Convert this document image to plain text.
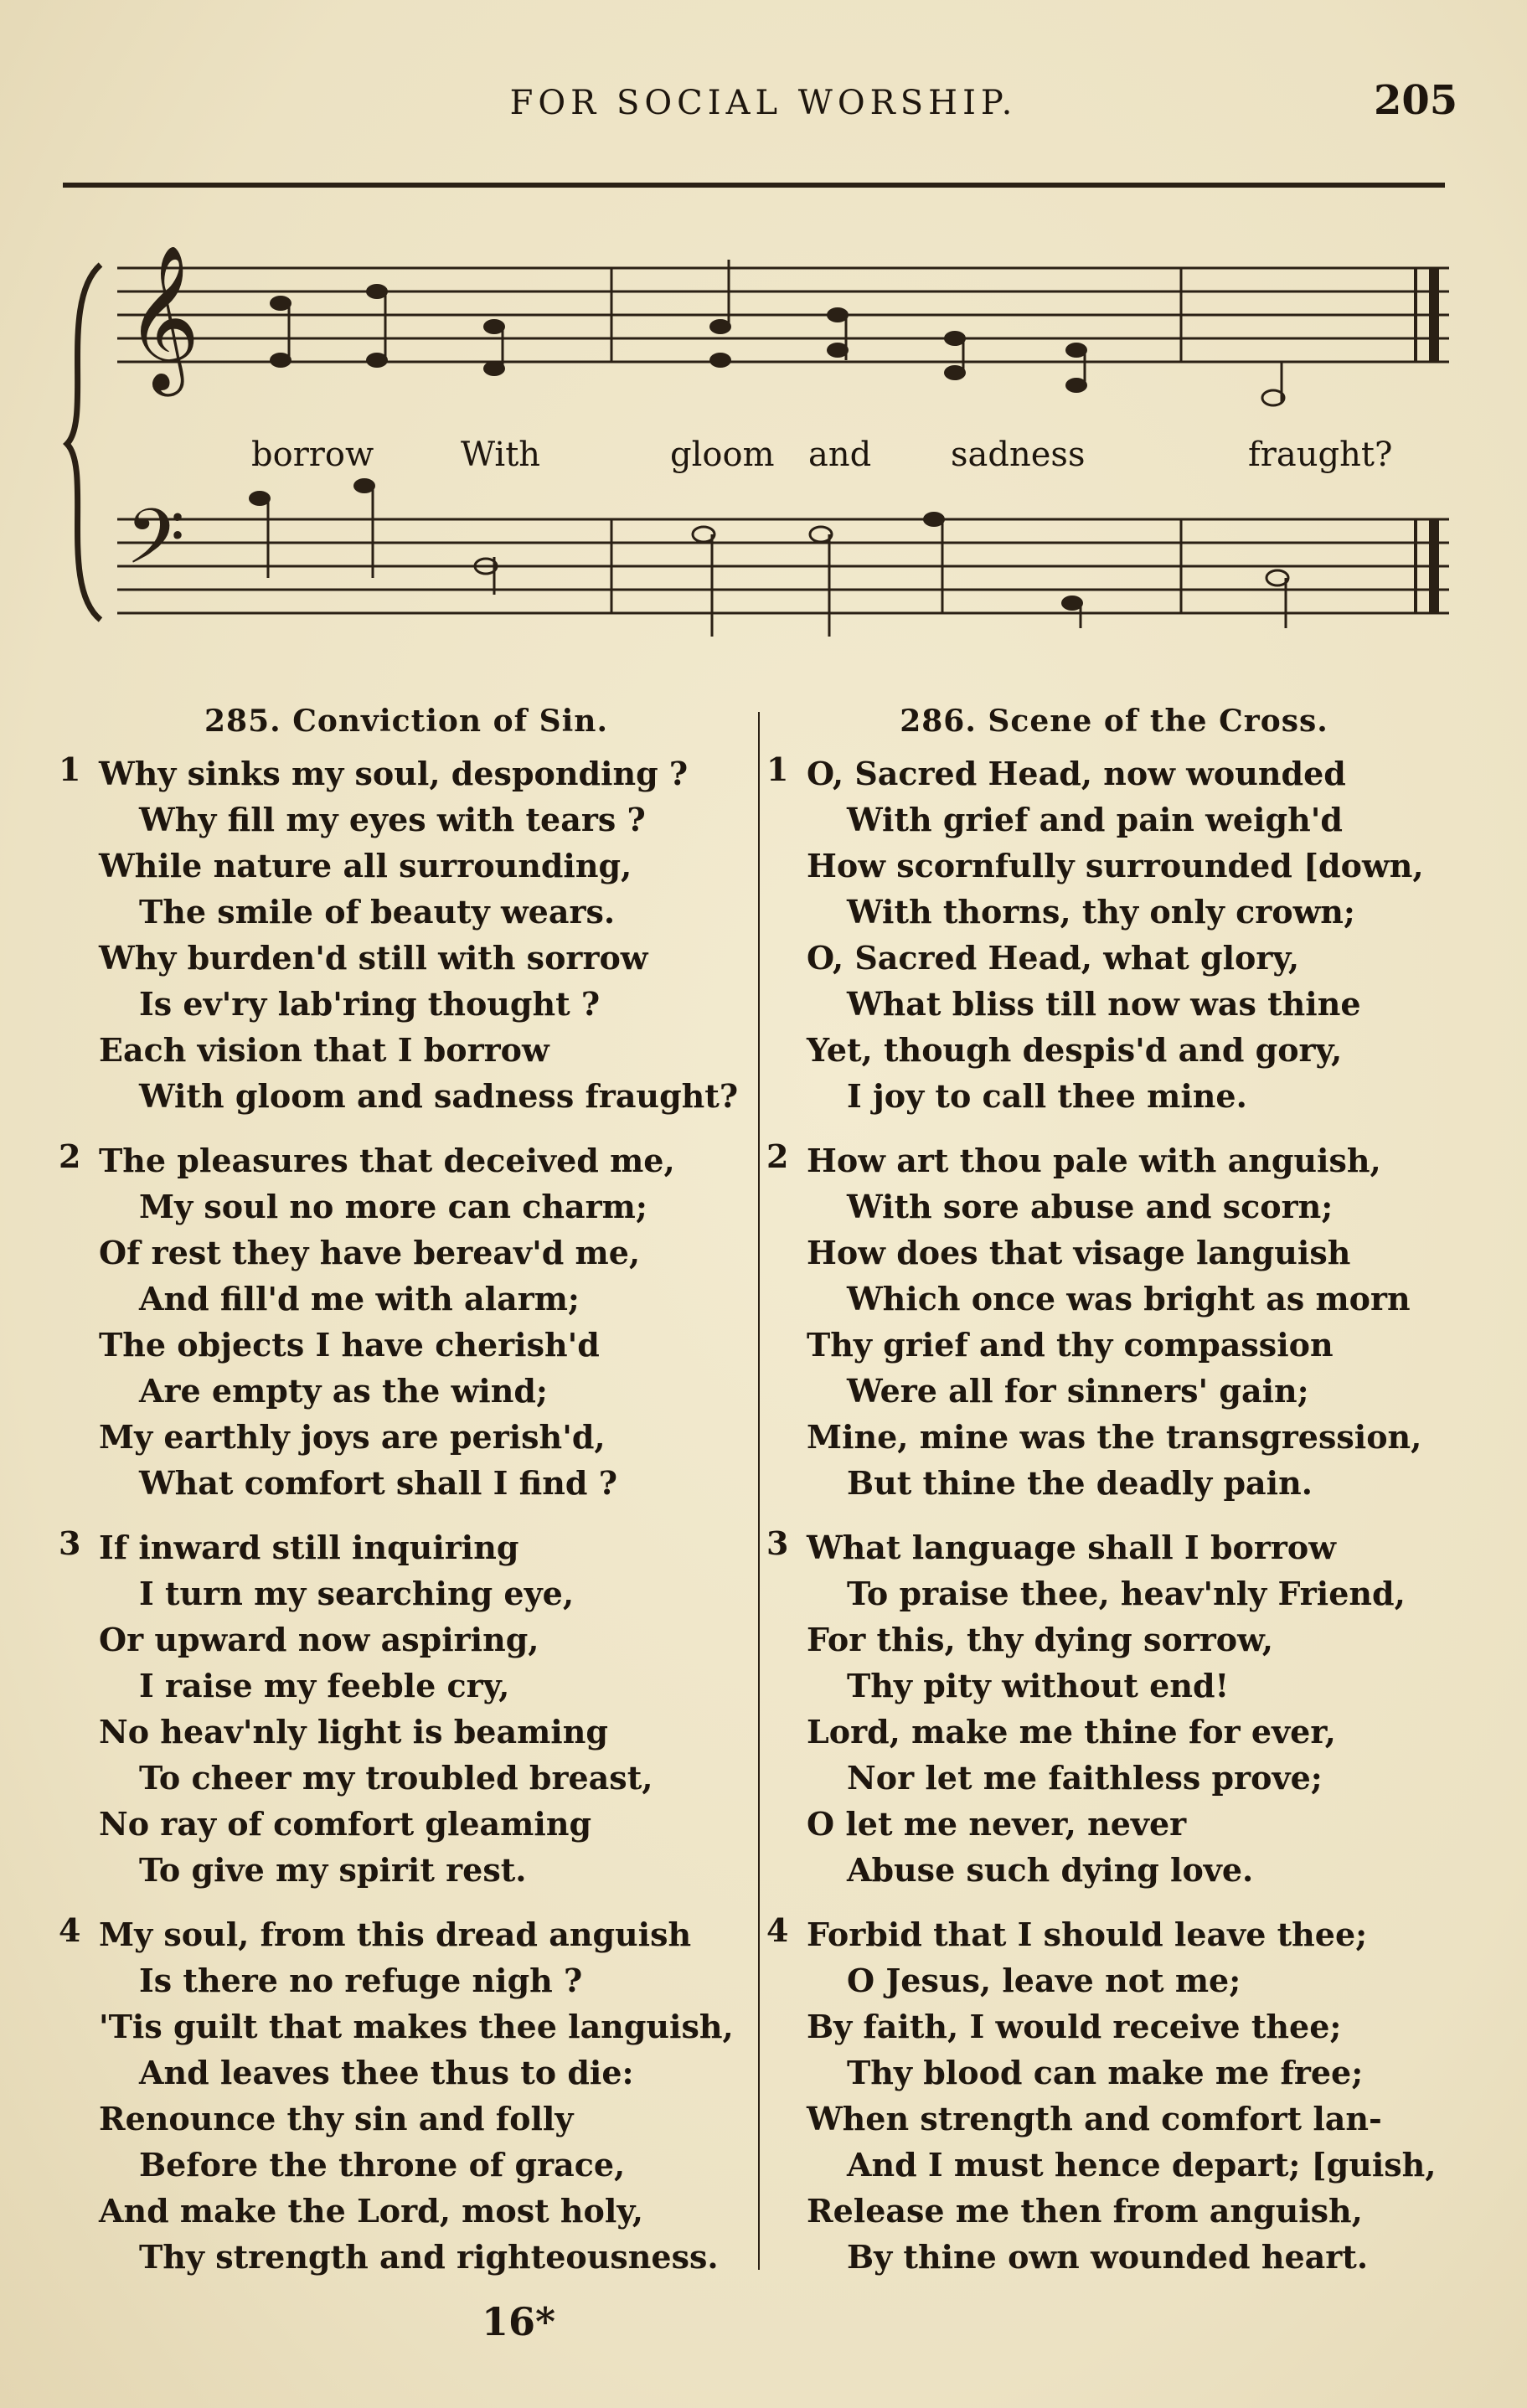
FOR SOCIAL WORSHIP.	205
𝄞
𝄢
borrow	With	gloom and sadness	fraught?
285. Conviction of Sin.
1 Why sinks my soul, desponding ?
Why fill my eyes with tears ?
While nature all surrounding,
The smile of beauty wears.
Why burden'd still with sorrow
Is ev'ry lab'ring thought ?
Each vision that I borrow
With gloom and sadness fraught?
2 The pleasures that deceived me,
My soul no more can charm;
Of rest they have bereav'd me,
And fill'd me with alarm;
The objects I have cherish'd
Are empty as the wind;
My earthly joys are perish'd,
What comfort shall I find ?
3 If inward still inquiring
I turn my searching eye,
Or upward now aspiring,
I raise my feeble cry,
No heav'nly light is beaming
To cheer my troubled breast,
No ray of comfort gleaming
To give my spirit rest.
4 My soul, from this dread anguish
Is there no refuge nigh ?
'Tis guilt that makes thee languish,
And leaves thee thus to die:
Renounce thy sin and folly
Before the throne of grace,
And make the Lord, most holy,
Thy strength and righteousness.
286. Scene of the Cross.
1 O, Sacred Head, now wounded
With grief and pain weigh'd
How scornfully surrounded [down,
With thorns, thy only crown;
O, Sacred Head, what glory,
What bliss till now was thine
Yet, though despis'd and gory,
I joy to call thee mine.
2 How art thou pale with anguish,
With sore abuse and scorn;
How does that visage languish
Which once was bright as morn
Thy grief and thy compassion
Were all for sinners' gain;
Mine, mine was the transgression,
But thine the deadly pain.
3 What language shall I borrow
To praise thee, heav'nly Friend,
For this, thy dying sorrow,
Thy pity without end!
Lord, make me thine for ever,
Nor let me faithless prove;
O let me never, never
Abuse such dying love.
4 Forbid that I should leave thee;
O Jesus, leave not me;
By faith, I would receive thee;
Thy blood can make me free;
When strength and comfort lan-
And I must hence depart; [guish,
Release me then from anguish,
By thine own wounded heart.
16*
